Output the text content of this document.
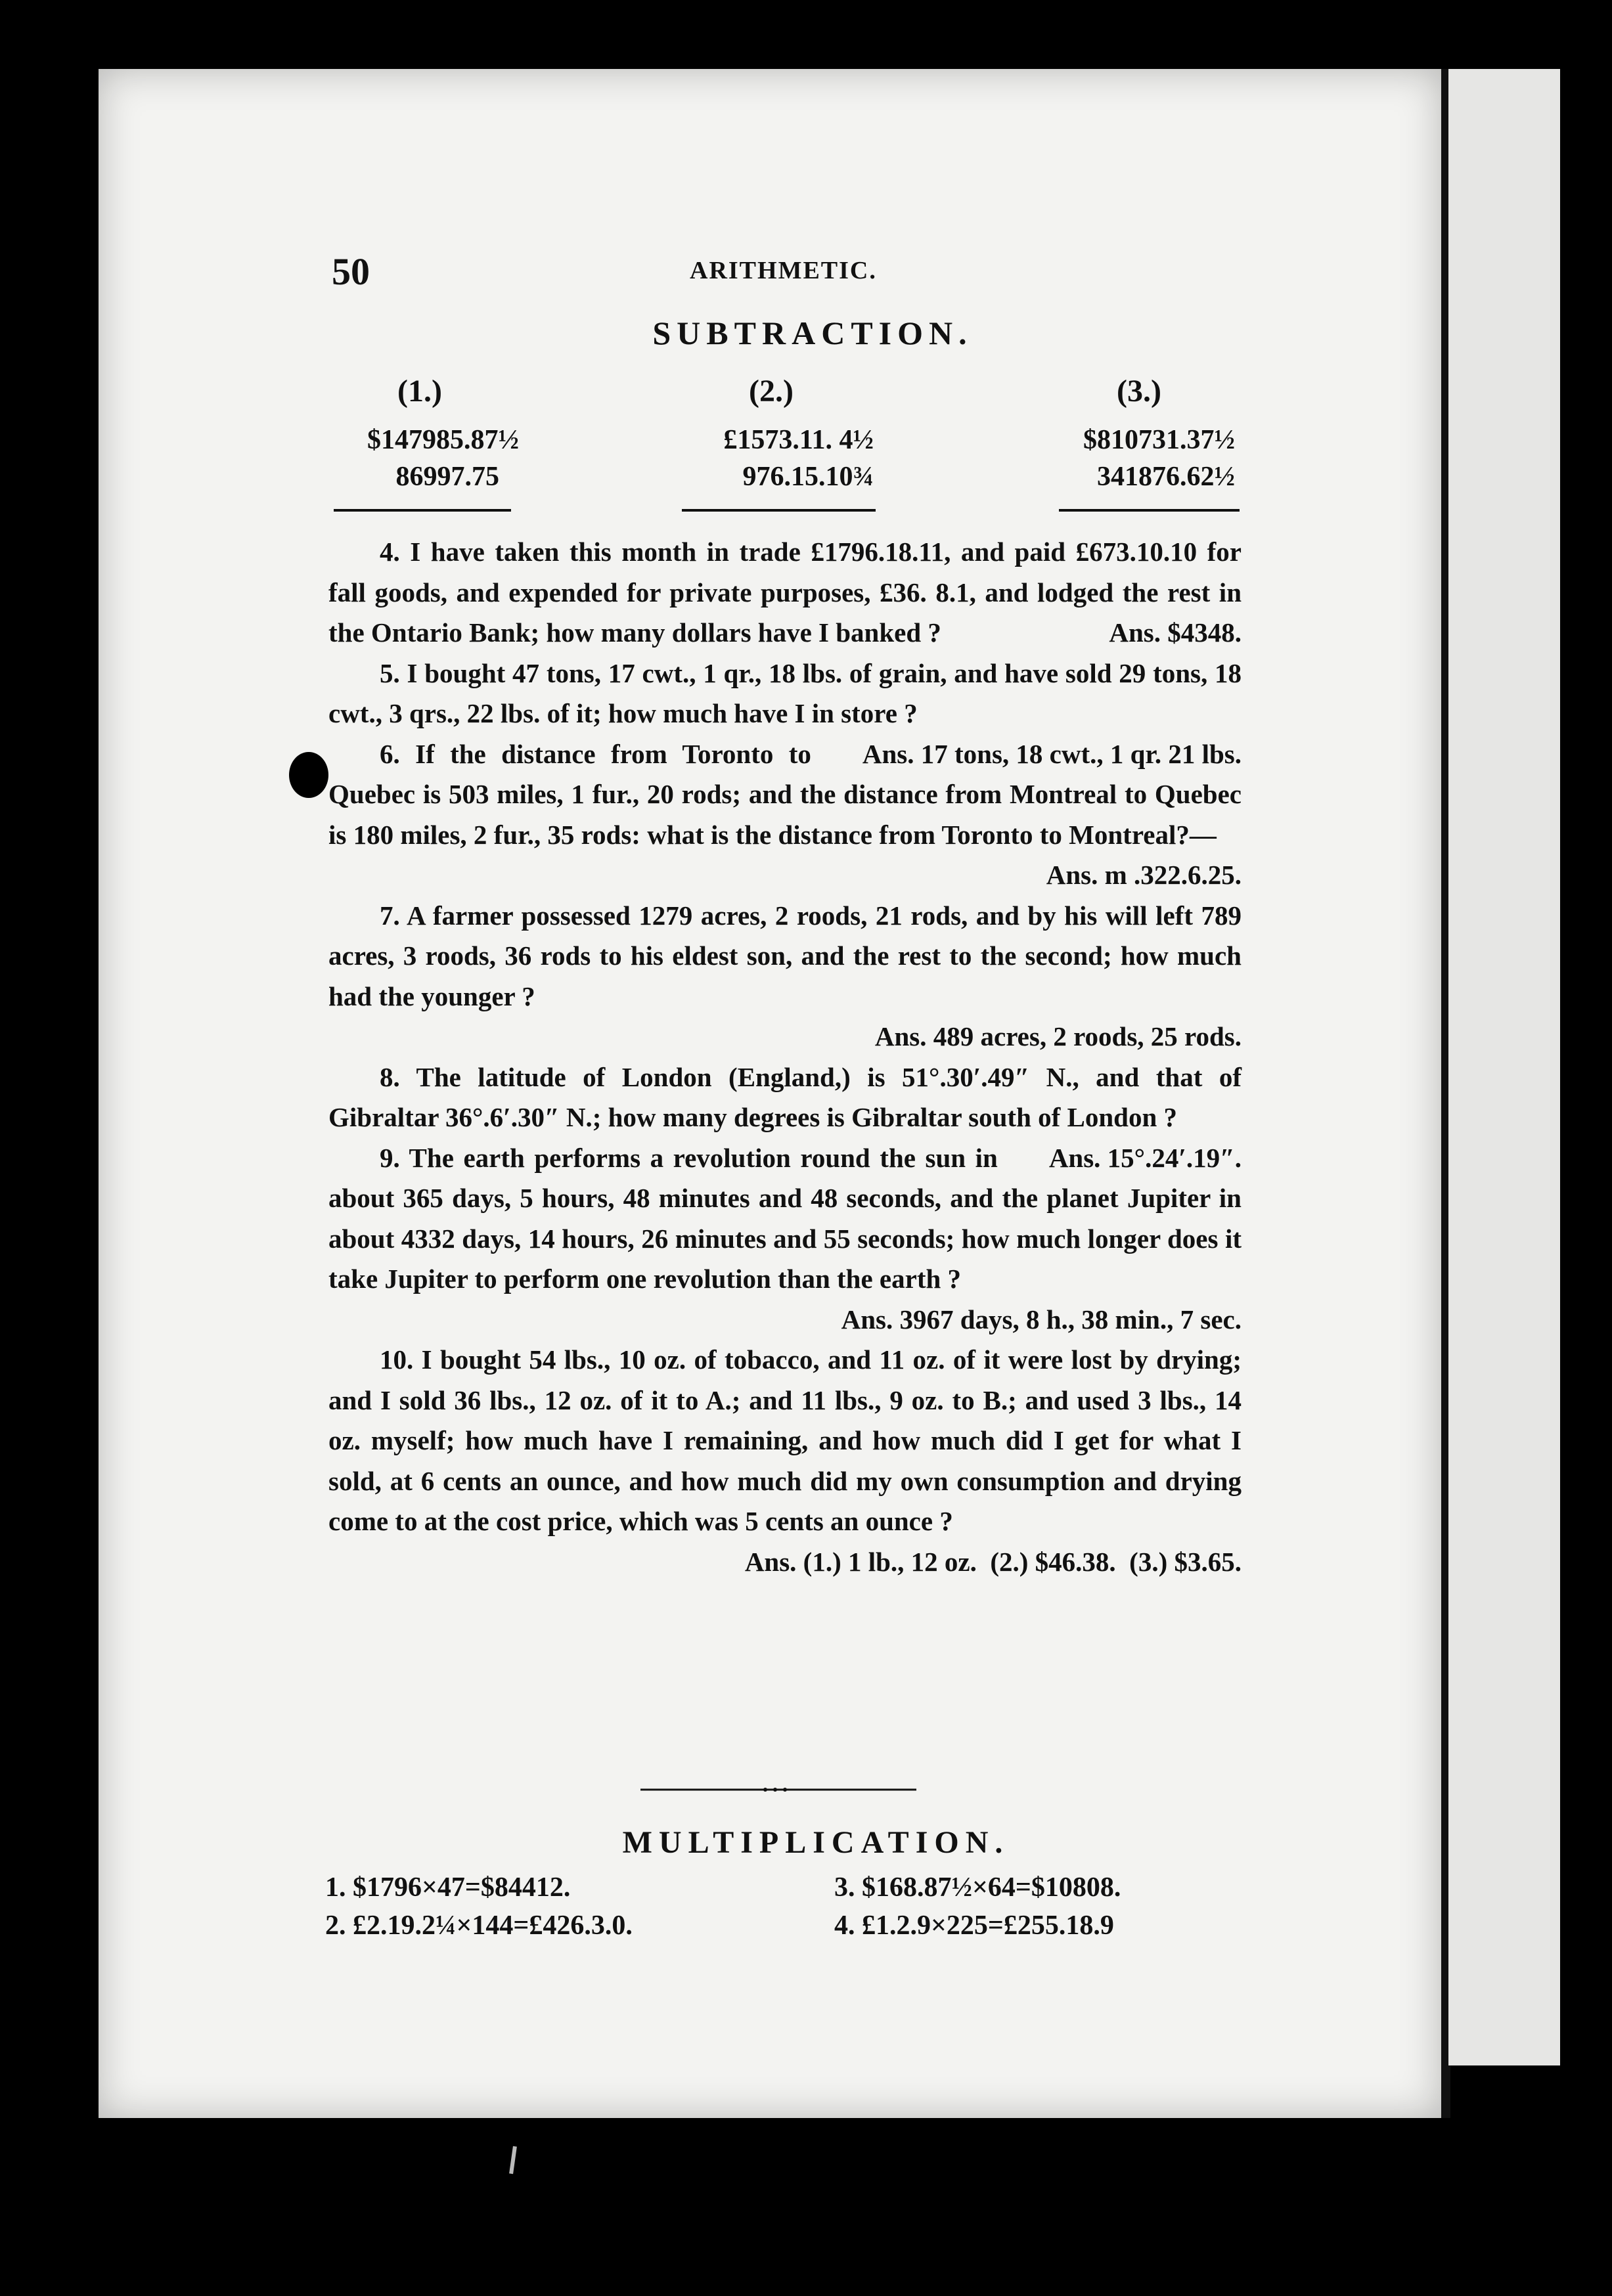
50	ARITHMETIC.
SUBTRACTION.
(1.)
$147985.87½
86997.75
(2.)
£1573.11. 4½
976.15.10¾
(3.)
$810731.37½
341876.62½

4. I have taken this month in trade £1796.18.11, and paid £673.10.10 for fall goods, and expended for private purposes, £36. 8.1, and lodged the rest in the Ontario Bank; how many dollars have I banked ?	Ans. $4348.

5. I bought 47 tons, 17 cwt., 1 qr., 18 lbs. of grain, and have sold 29 tons, 18 cwt., 3 qrs., 22 lbs. of it; how much have I in store ?
Ans. 17 tons, 18 cwt., 1 qr. 21 lbs.

6. If the distance from Toronto to Quebec is 503 miles, 1 fur., 20 rods; and the distance from Montreal to Quebec is 180 miles, 2 fur., 35 rods: what is the distance from Toronto to Montreal?—

Ans. m .322.6.25.

7. A farmer possessed 1279 acres, 2 roods, 21 rods, and by his will left 789 acres, 3 roods, 36 rods to his eldest son, and the rest to the second; how much had the younger ?

Ans. 489 acres, 2 roods, 25 rods.

8. The latitude of London (England,) is 51°.30′.49″ N., and that of Gibraltar 36°.6′.30″ N.; how many degrees is Gibraltar south of London ?
Ans. 15°.24′.19″.

9. The earth performs a revolution round the sun in about 365 days, 5 hours, 48 minutes and 48 seconds, and the planet Jupiter in about 4332 days, 14 hours, 26 minutes and 55 seconds; how much longer does it take Jupiter to perform one revolution than the earth ?

Ans. 3967 days, 8 h., 38 min., 7 sec.

10. I bought 54 lbs., 10 oz. of tobacco, and 11 oz. of it were lost by drying; and I sold 36 lbs., 12 oz. of it to A.; and 11 lbs., 9 oz. to B.; and used 3 lbs., 14 oz. myself; how much have I remaining, and how much did I get for what I sold, at 6 cents an ounce, and how much did my own consumption and drying come to at the cost price, which was 5 cents an ounce ?

Ans. (1.) 1 lb., 12 oz.  (2.) $46.38.  (3.) $3.65.

MULTIPLICATION.
1. $1796×47=$84412.	3. $168.87½×64=$10808.
2. £2.19.2¼×144=£426.3.0.	4. £1.2.9×225=£255.18.9
